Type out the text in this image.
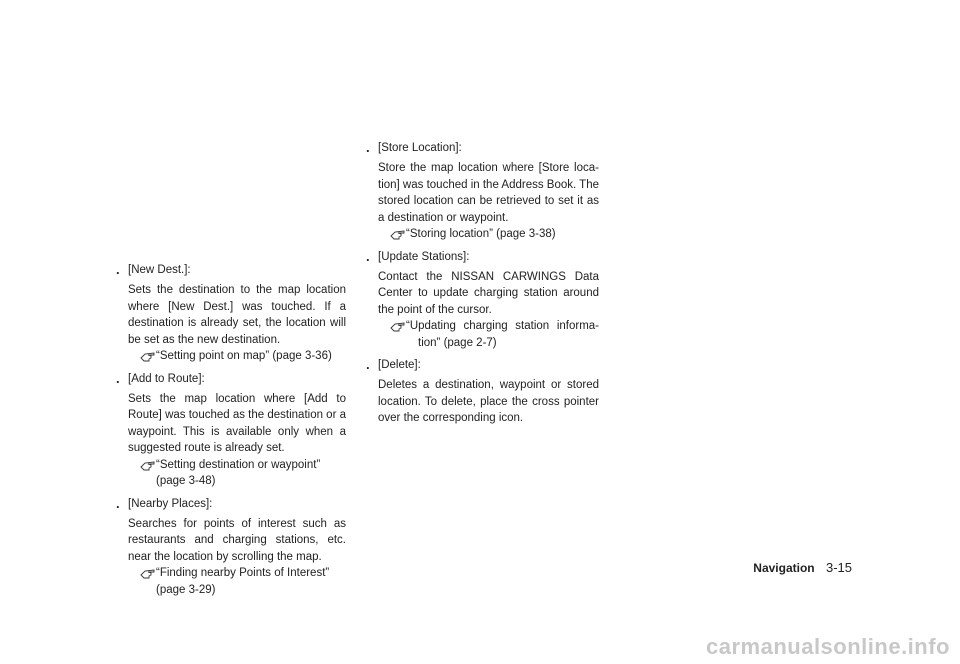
. [New Dest.]:
Sets the destination to the map location where [New Dest.] was touched. If a destination is already set, the location will be set as the new destination.
“Setting point on map” (page 3-36)
. [Add to Route]:
Sets the map location where [Add to Route] was touched as the destination or a waypoint. This is available only when a suggested route is already set.
“Setting destination or waypoint”
(page 3-48)
. [Nearby Places]:
Searches for points of interest such as restaurants and charging stations, etc. near the location by scrolling the map.
“Finding nearby Points of Interest”
(page 3-29)
. [Store Location]:
Store the map location where [Store loca-tion] was touched in the Address Book. The stored location can be retrieved to set it as a destination or waypoint.
“Storing location” (page 3-38)
. [Update Stations]:
Contact the NISSAN CARWINGS Data Center to update charging station around the point of the cursor.
“Updating charging station informa-tion” (page 2-7)
. [Delete]:
Deletes a destination, waypoint or stored location. To delete, place the cross pointer over the corresponding icon.
Navigation 3-15
carmanualsonline.info
